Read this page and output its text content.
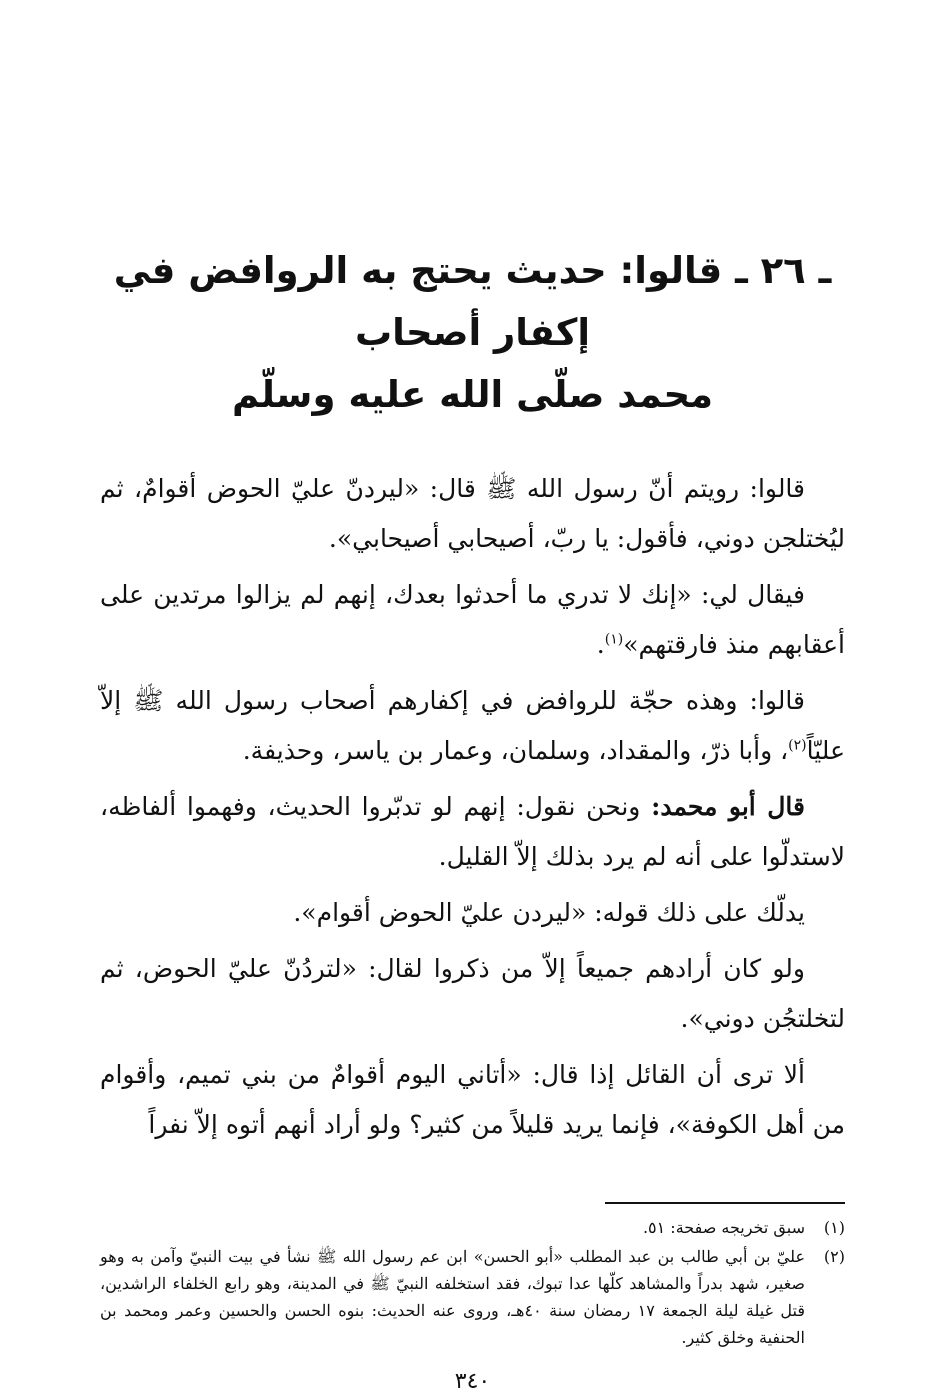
ـ ٢٦ ـ قالوا: حديث يحتج به الروافض في إكفار أصحاب
محمد صلّى الله عليه وسلّم

قالوا: رويتم أنّ رسول الله ﷺ قال: «ليردنّ عليّ الحوض أقوامٌ، ثم ليُختلجن دوني، فأقول: يا ربّ، أصيحابي أصيحابي».

فيقال لي: «إنك لا تدري ما أحدثوا بعدك، إنهم لم يزالوا مرتدين على أعقابهم منذ فارقتهم»$^{(١)}$.

قالوا: وهذه حجّة للروافض في إكفارهم أصحاب رسول الله ﷺ إلاّ عليّاً$^{(٢)}$، وأبا ذرّ، والمقداد، وسلمان، وعمار بن ياسر، وحذيفة.

قال أبو محمد: ونحن نقول: إنهم لو تدبّروا الحديث، وفهموا ألفاظه، لاستدلّوا على أنه لم يرد بذلك إلاّ القليل.

يدلّك على ذلك قوله: «ليردن عليّ الحوض أقوام».

ولو كان أرادهم جميعاً إلاّ من ذكروا لقال: «لتردُنّ عليّ الحوض، ثم لتخلتجُن دوني».

ألا ترى أن القائل إذا قال: «أتاني اليوم أقوامٌ من بني تميم، وأقوام من أهل الكوفة»، فإنما يريد قليلاً من كثير؟ ولو أراد أنهم أتوه إلاّ نفراً

(١)
سبق تخريجه صفحة: ٥١.
(٢)
عليّ بن أبي طالب بن عبد المطلب «أبو الحسن» ابن عم رسول الله ﷺ نشأ في بيت النبيّ وآمن به وهو صغير، شهد بدراً والمشاهد كلّها عدا تبوك، فقد استخلفه النبيّ ﷺ في المدينة، وهو رابع الخلفاء الراشدين، قتل غيلة ليلة الجمعة ١٧ رمضان سنة ٤٠هـ، وروى عنه الحديث: بنوه الحسن والحسين وعمر ومحمد بن الحنفية وخلق كثير.
٣٤٠
